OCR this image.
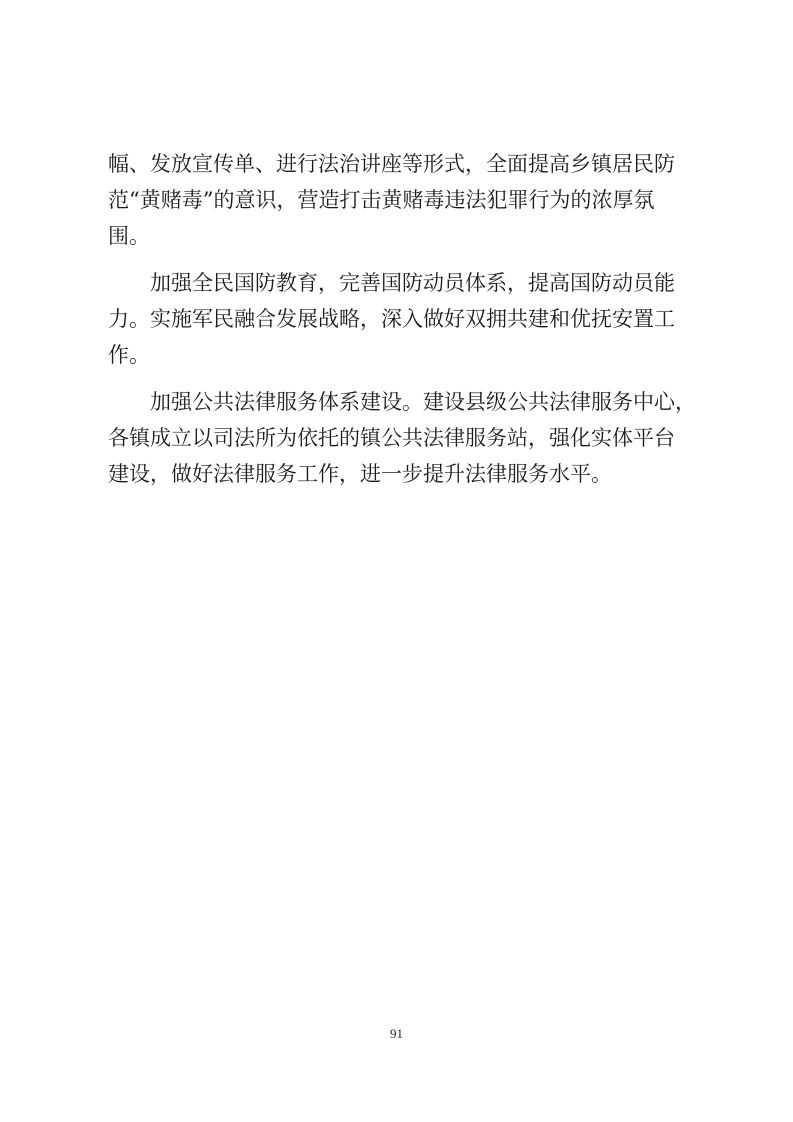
幅、发放宣传单、进行法治讲座等形式，全面提高乡镇居民防
范“黄赌毒”的意识，营造打击黄赌毒违法犯罪行为的浓厚氛
围。

加强全民国防教育，完善国防动员体系，提高国防动员能
力。实施军民融合发展战略，深入做好双拥共建和优抚安置工
作。

加强公共法律服务体系建设。建设县级公共法律服务中心，
各镇成立以司法所为依托的镇公共法律服务站，强化实体平台
建设，做好法律服务工作，进一步提升法律服务水平。

91
